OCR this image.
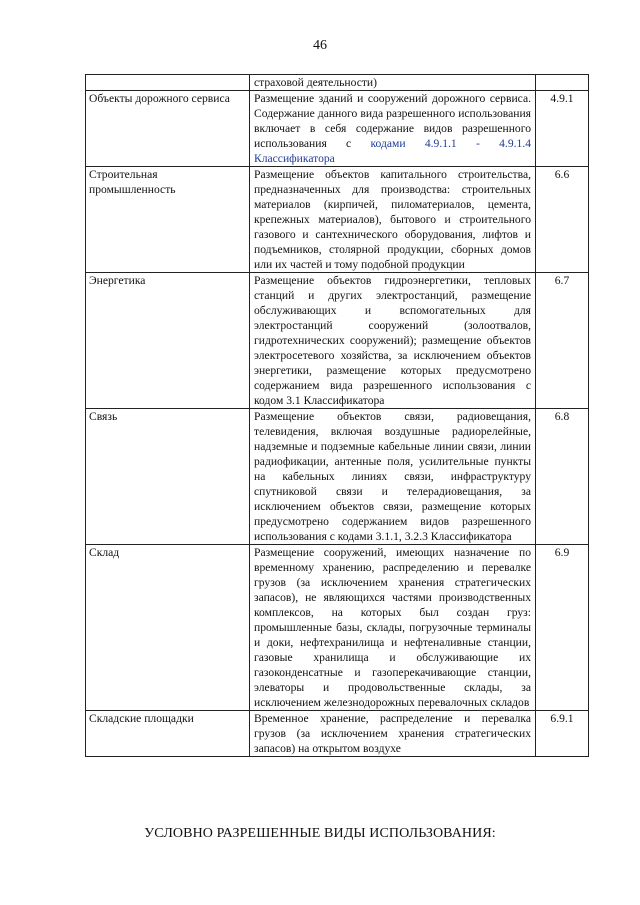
46
	страховой деятельности)	
Объекты дорожного сервиса	Размещение зданий и сооружений дорожного сервиса. Содержание данного вида разрешенного использования включает в себя содержание видов разрешенного использования с кодами 4.9.1.1 - 4.9.1.4 Классификатора	4.9.1
Строительная промышленность	Размещение объектов капитального строительства, предназначенных для производства: строительных материалов (кирпичей, пиломатериалов, цемента, крепежных материалов), бытового и строительного газового и сантехнического оборудования, лифтов и подъемников, столярной продукции, сборных домов или их частей и тому подобной продукции	6.6
Энергетика	Размещение объектов гидроэнергетики, тепловых станций и других электростанций, размещение обслуживающих и вспомогательных для электростанций сооружений (золоотвалов, гидротехнических сооружений); размещение объектов электросетевого хозяйства, за исключением объектов энергетики, размещение которых предусмотрено содержанием вида разрешенного использования с кодом 3.1 Классификатора	6.7
Связь	Размещение объектов связи, радиовещания, телевидения, включая воздушные радиорелейные, надземные и подземные кабельные линии связи, линии радиофикации, антенные поля, усилительные пункты на кабельных линиях связи, инфраструктуру спутниковой связи и телерадиовещания, за исключением объектов связи, размещение которых предусмотрено содержанием видов разрешенного использования с кодами 3.1.1, 3.2.3 Классификатора	6.8
Склад	Размещение сооружений, имеющих назначение по временному хранению, распределению и перевалке грузов (за исключением хранения стратегических запасов), не являющихся частями производственных комплексов, на которых был создан груз: промышленные базы, склады, погрузочные терминалы и доки, нефтехранилища и нефтеналивные станции, газовые хранилища и обслуживающие их газоконденсатные и газоперекачивающие станции, элеваторы и продовольственные склады, за исключением железнодорожных перевалочных складов	6.9
Складские площадки	Временное хранение, распределение и перевалка грузов (за исключением хранения стратегических запасов) на открытом воздухе	6.9.1
УСЛОВНО РАЗРЕШЕННЫЕ ВИДЫ ИСПОЛЬЗОВАНИЯ:
